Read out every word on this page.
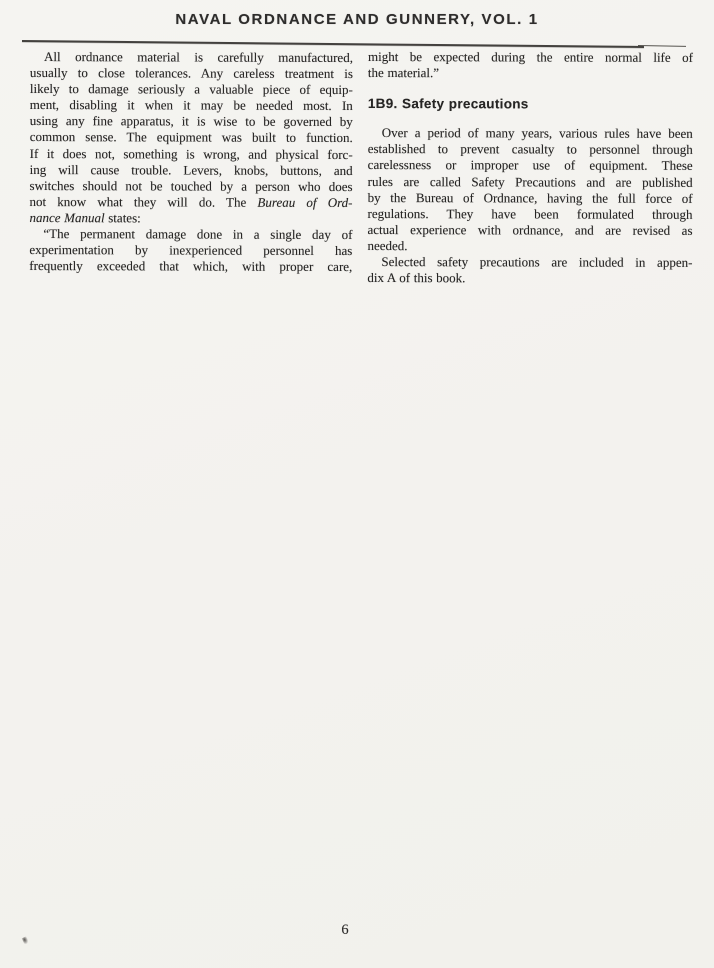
NAVAL ORDNANCE AND GUNNERY, VOL. 1
All ordnance material is carefully manufactured,
usually to close tolerances. Any careless treatment is
likely to damage seriously a valuable piece of equip-
ment, disabling it when it may be needed most. In
using any fine apparatus, it is wise to be governed by
common sense. The equipment was built to function.
If it does not, something is wrong, and physical forc-
ing will cause trouble. Levers, knobs, buttons, and
switches should not be touched by a person who does
not know what they will do. The Bureau of Ord-
nance Manual states:
“The permanent damage done in a single day of
experimentation by inexperienced personnel has
frequently exceeded that which, with proper care,
might be expected during the entire normal life of
the material.”
1B9. Safety precautions
Over a period of many years, various rules have been
established to prevent casualty to personnel through
carelessness or improper use of equipment. These
rules are called Safety Precautions and are published
by the Bureau of Ordnance, having the full force of
regulations. They have been formulated through
actual experience with ordnance, and are revised as
needed.
Selected safety precautions are included in appen-
dix A of this book.
6
